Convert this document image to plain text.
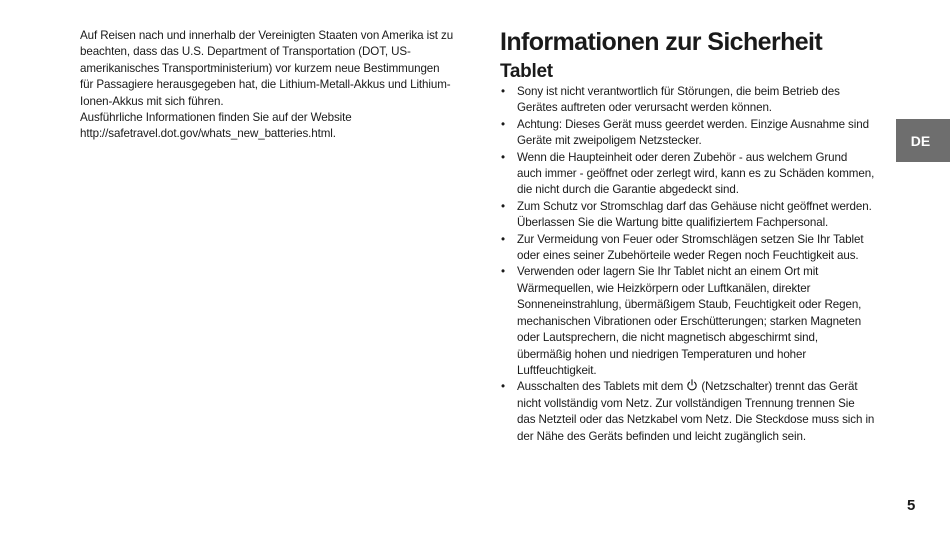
Auf Reisen nach und innerhalb der Vereinigten Staaten von Amerika ist zu beachten, dass das U.S. Department of Transportation (DOT, US-amerikanisches Transportministerium) vor kurzem neue Bestimmungen für Passagiere herausgegeben hat, die Lithium-Metall-Akkus und Lithium-Ionen-Akkus mit sich führen.

Ausführliche Informationen finden Sie auf der Website

http://safetravel.dot.gov/whats_new_batteries.html.

Informationen zur Sicherheit
Tablet
• Sony ist nicht verantwortlich für Störungen, die beim Betrieb des Gerätes auftreten oder verursacht werden können.
• Achtung: Dieses Gerät muss geerdet werden. Einzige Ausnahme sind Geräte mit zweipoligem Netzstecker.
• Wenn die Haupteinheit oder deren Zubehör - aus welchem Grund auch immer - geöffnet oder zerlegt wird, kann es zu Schäden kommen, die nicht durch die Garantie abgedeckt sind.
• Zum Schutz vor Stromschlag darf das Gehäuse nicht geöffnet werden. Überlassen Sie die Wartung bitte qualifiziertem Fachpersonal.
• Zur Vermeidung von Feuer oder Stromschlägen setzen Sie Ihr Tablet oder eines seiner Zubehörteile weder Regen noch Feuchtigkeit aus.
• Verwenden oder lagern Sie Ihr Tablet nicht an einem Ort mit Wärmequellen, wie Heizkörpern oder Luftkanälen, direkter Sonneneinstrahlung, übermäßigem Staub, Feuchtigkeit oder Regen, mechanischen Vibrationen oder Erschütterungen; starken Magneten oder Lautsprechern, die nicht magnetisch abgeschirmt sind, übermäßig hohen und niedrigen Temperaturen und hoher Luftfeuchtigkeit.
• Ausschalten des Tablets mit dem (Netzschalter) trennt das Gerät nicht vollständig vom Netz. Zur vollständigen Trennung trennen Sie das Netzteil oder das Netzkabel vom Netz. Die Steckdose muss sich in der Nähe des Geräts befinden und leicht zugänglich sein.
DE
5
